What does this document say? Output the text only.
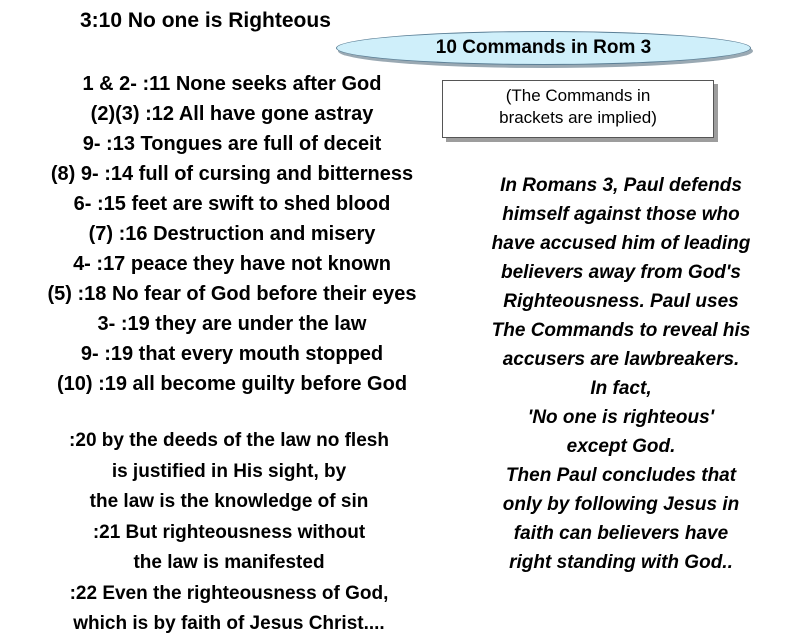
3:10 No one is Righteous
10 Commands in Rom 3
(The Commands in
brackets are implied)
1 & 2- :11 None seeks after God
(2)(3) :12 All have gone astray
9- :13 Tongues are full of deceit
(8) 9- :14 full of cursing and bitterness
6- :15 feet are swift to shed blood
(7) :16 Destruction and misery
4- :17 peace they have not known
(5) :18 No fear of God before their eyes
3- :19 they are under the law
9- :19 that every mouth stopped
(10) :19 all become guilty before God
:20 by the deeds of the law no flesh
is justified in His sight, by
the law is the knowledge of sin
:21 But righteousness without
the law is manifested
:22 Even the righteousness of God,
which is by faith of Jesus Christ....
In Romans 3, Paul defends
himself against those who
have accused him of leading
believers away from God's
Righteousness. Paul uses
The Commands to reveal his
accusers are lawbreakers.
In fact,
'No one is righteous'
except God.
Then Paul concludes that
only by following Jesus in
faith can believers have
right standing with God..
